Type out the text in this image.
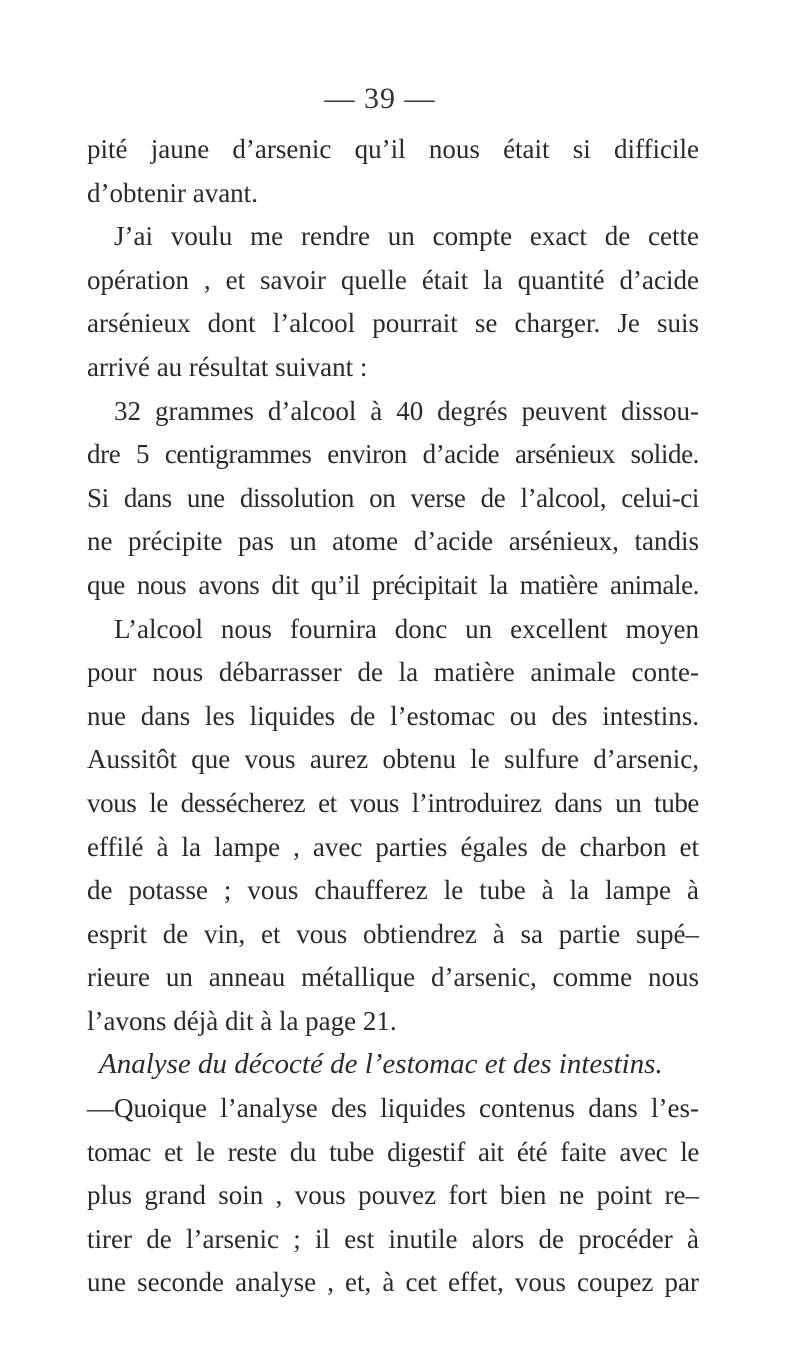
— 39 —
pité jaune d’arsenic qu’il nous était si difficile
d’obtenir avant.
J’ai voulu me rendre un compte exact de cette
opération , et savoir quelle était la quantité d’acide
arsénieux dont l’alcool pourrait se charger. Je suis
arrivé au résultat suivant :
32 grammes d’alcool à 40 degrés peuvent dissou-
dre 5 centigrammes environ d’acide arsénieux solide.
Si dans une dissolution on verse de l’alcool, celui-ci
ne précipite pas un atome d’acide arsénieux, tandis
que nous avons dit qu’il précipitait la matière animale.
L’alcool nous fournira donc un excellent moyen
pour nous débarrasser de la matière animale conte-
nue dans les liquides de l’estomac ou des intestins.
Aussitôt que vous aurez obtenu le sulfure d’arsenic,
vous le dessécherez et vous l’introduirez dans un tube
effilé à la lampe , avec parties égales de charbon et
de potasse ; vous chaufferez le tube à la lampe à
esprit de vin, et vous obtiendrez à sa partie supé–
rieure un anneau métallique d’arsenic, comme nous
l’avons déjà dit à la page 21.
Analyse du décocté de l’estomac et des intestins.
—Quoique l’analyse des liquides contenus dans l’es-
tomac et le reste du tube digestif ait été faite avec le
plus grand soin , vous pouvez fort bien ne point re–
tirer de l’arsenic ; il est inutile alors de procéder à
une seconde analyse , et, à cet effet, vous coupez par
